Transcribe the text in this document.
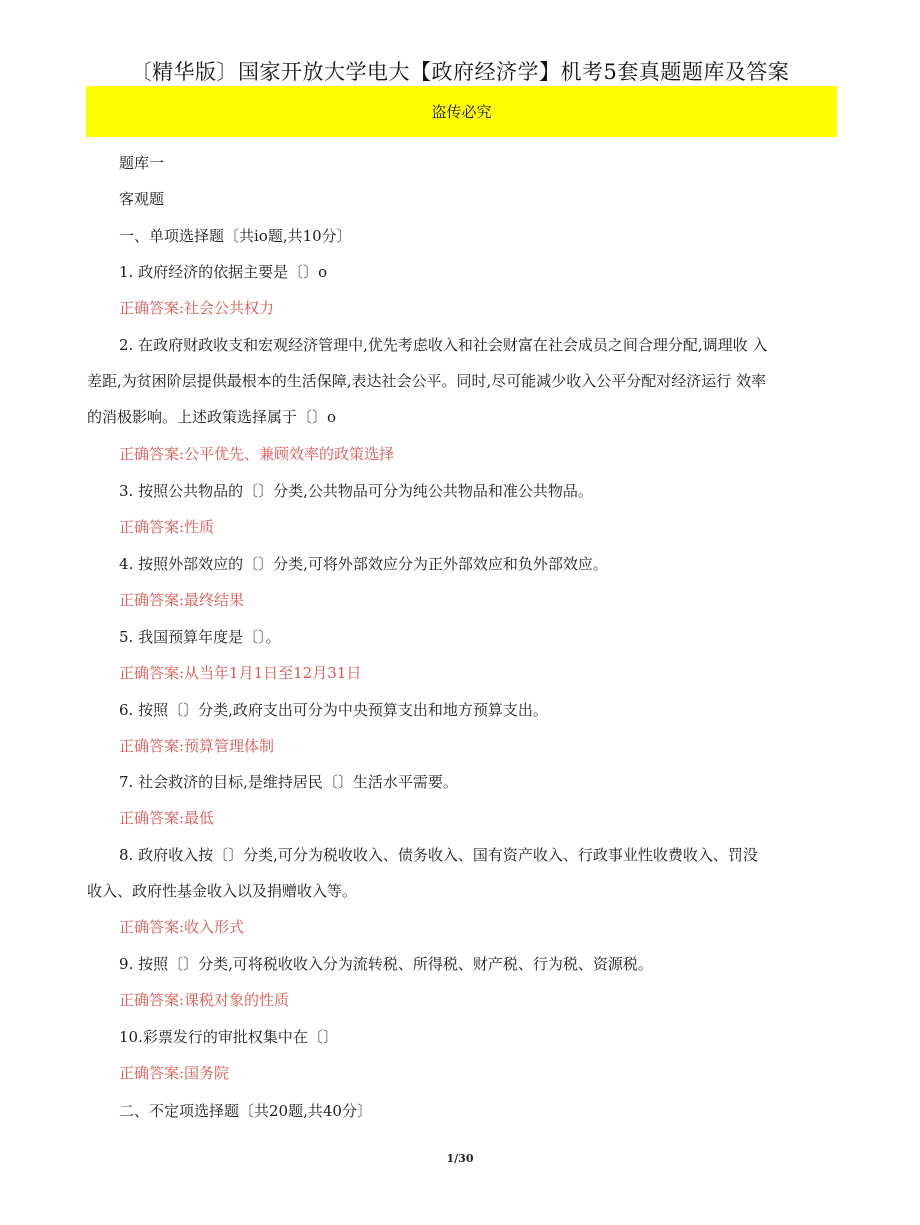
〔精华版〕国家开放大学电大【政府经济学】机考5套真题题库及答案
盗传必究
题库一
客观题
一、单项选择题〔共io题,共10分〕
1. 政府经济的依据主要是〔〕o
正确答案:社会公共权力
2. 在政府财政收支和宏观经济管理中,优先考虑收入和社会财富在社会成员之间合理分配,调理收 入
差距,为贫困阶层提供最根本的生活保障,表达社会公平。同时,尽可能减少收入公平分配对经济运行 效率
的消极影响。上述政策选择属于〔〕o
正确答案:公平优先、兼顾效率的政策选择
3. 按照公共物品的〔〕分类,公共物品可分为纯公共物品和准公共物品。
正确答案:性质
4. 按照外部效应的〔〕分类,可将外部效应分为正外部效应和负外部效应。
正确答案:最终结果
5. 我国预算年度是〔〕。
正确答案:从当年1月1日至12月31日
6. 按照〔〕分类,政府支出可分为中央预算支出和地方预算支出。
正确答案:预算管理体制
7. 社会救济的目标,是维持居民〔〕生活水平需要。
正确答案:最低
8. 政府收入按〔〕分类,可分为税收收入、债务收入、国有资产收入、行政事业性收费收入、罚没
收入、政府性基金收入以及捐赠收入等。
正确答案:收入形式
9. 按照〔〕分类,可将税收收入分为流转税、所得税、财产税、行为税、资源税。
正确答案:课税对象的性质
10.彩票发行的审批权集中在〔〕
正确答案:国务院
二、不定项选择题〔共20题,共40分〕
1/30
